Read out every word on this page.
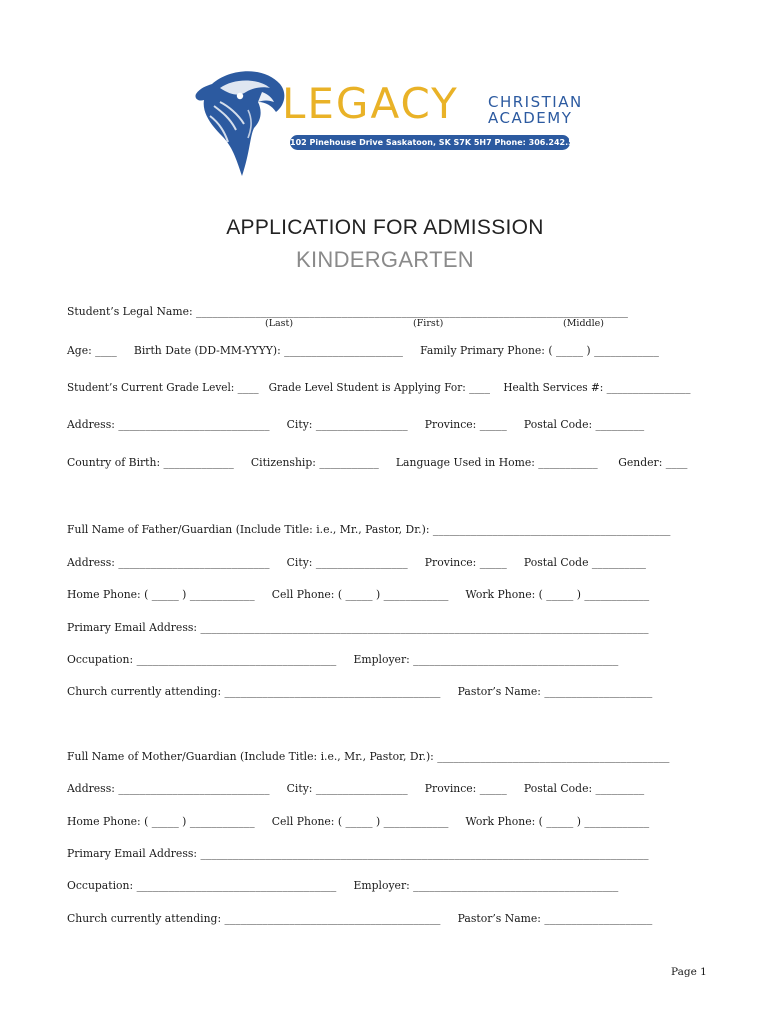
LEGACY CHRISTIAN
ACADEMY
102 Pinehouse Drive Saskatoon, SK S7K 5H7 Phone: 306.242.5086
APPLICATION FOR ADMISSION
KINDERGARTEN
Student’s Legal Name: ________________________________________________________________________________
(Last)	(First)	(Middle)
Age: ____     Birth Date (DD-MM-YYYY): ______________________     Family Primary Phone: ( _____ ) ____________
Student’s Current Grade Level: ____   Grade Level Student is Applying For: ____    Health Services #: ________________
Address: ____________________________     City: _________________     Province: _____     Postal Code: _________
Country of Birth: _____________     Citizenship: ___________     Language Used in Home: ___________      Gender: ____
Full Name of Father/Guardian (Include Title: i.e., Mr., Pastor, Dr.): ____________________________________________
Address: ____________________________     City: _________________     Province: _____     Postal Code __________
Home Phone: ( _____ ) ____________     Cell Phone: ( _____ ) ____________     Work Phone: ( _____ ) ____________
Primary Email Address: ___________________________________________________________________________________
Occupation: _____________________________________     Employer: ______________________________________
Church currently attending: ________________________________________     Pastor’s Name: ____________________
Full Name of Mother/Guardian (Include Title: i.e., Mr., Pastor, Dr.): ___________________________________________
Address: ____________________________     City: _________________     Province: _____     Postal Code: _________
Home Phone: ( _____ ) ____________     Cell Phone: ( _____ ) ____________     Work Phone: ( _____ ) ____________
Primary Email Address: ___________________________________________________________________________________
Occupation: _____________________________________     Employer: ______________________________________
Church currently attending: ________________________________________     Pastor’s Name: ____________________
Page 1
